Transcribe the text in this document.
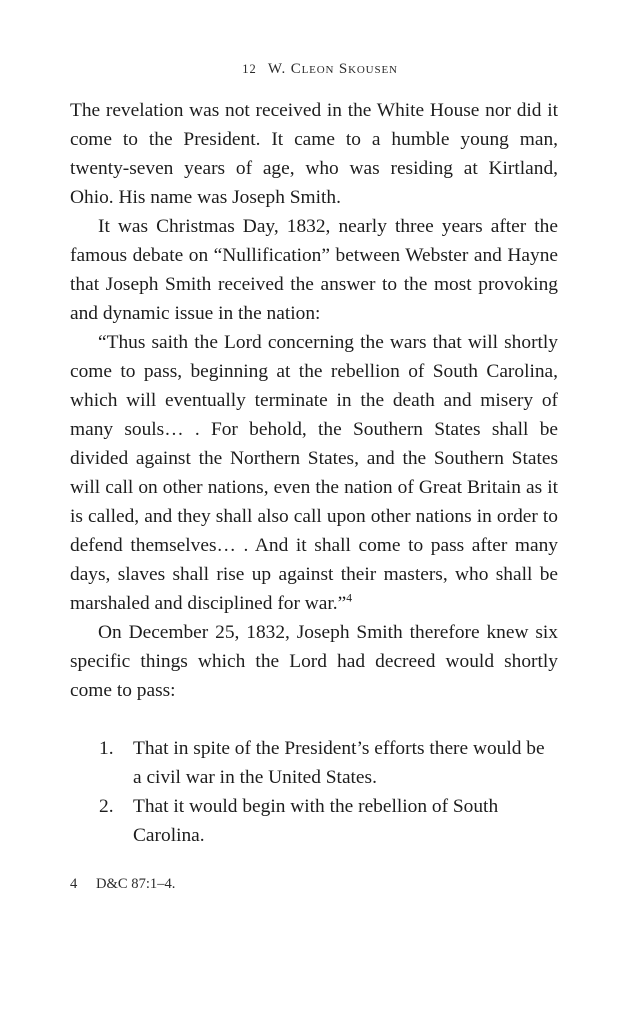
12 W. Cleon Skousen

The revelation was not received in the White House nor did it come to the President. It came to a humble young man, twenty-seven years of age, who was residing at Kirtland, Ohio. His name was Joseph Smith.

It was Christmas Day, 1832, nearly three years after the famous debate on “Nullification” between Webster and Hayne that Joseph Smith received the answer to the most provoking and dynamic issue in the nation:

“Thus saith the Lord concerning the wars that will shortly come to pass, beginning at the rebellion of South Carolina, which will eventually terminate in the death and misery of many souls… . For behold, the Southern States shall be divided against the Northern States, and the Southern States will call on other nations, even the nation of Great Britain as it is called, and they shall also call upon other nations in order to defend themselves… . And it shall come to pass after many days, slaves shall rise up against their masters, who shall be marshaled and disciplined for war.”$^4$

On December 25, 1832, Joseph Smith therefore knew six specific things which the Lord had decreed would shortly come to pass:

1.	That in spite of the President’s efforts there would be a civil war in the United States.
2.	That it would begin with the rebellion of South Carolina.
4 D&C 87:1–4.
